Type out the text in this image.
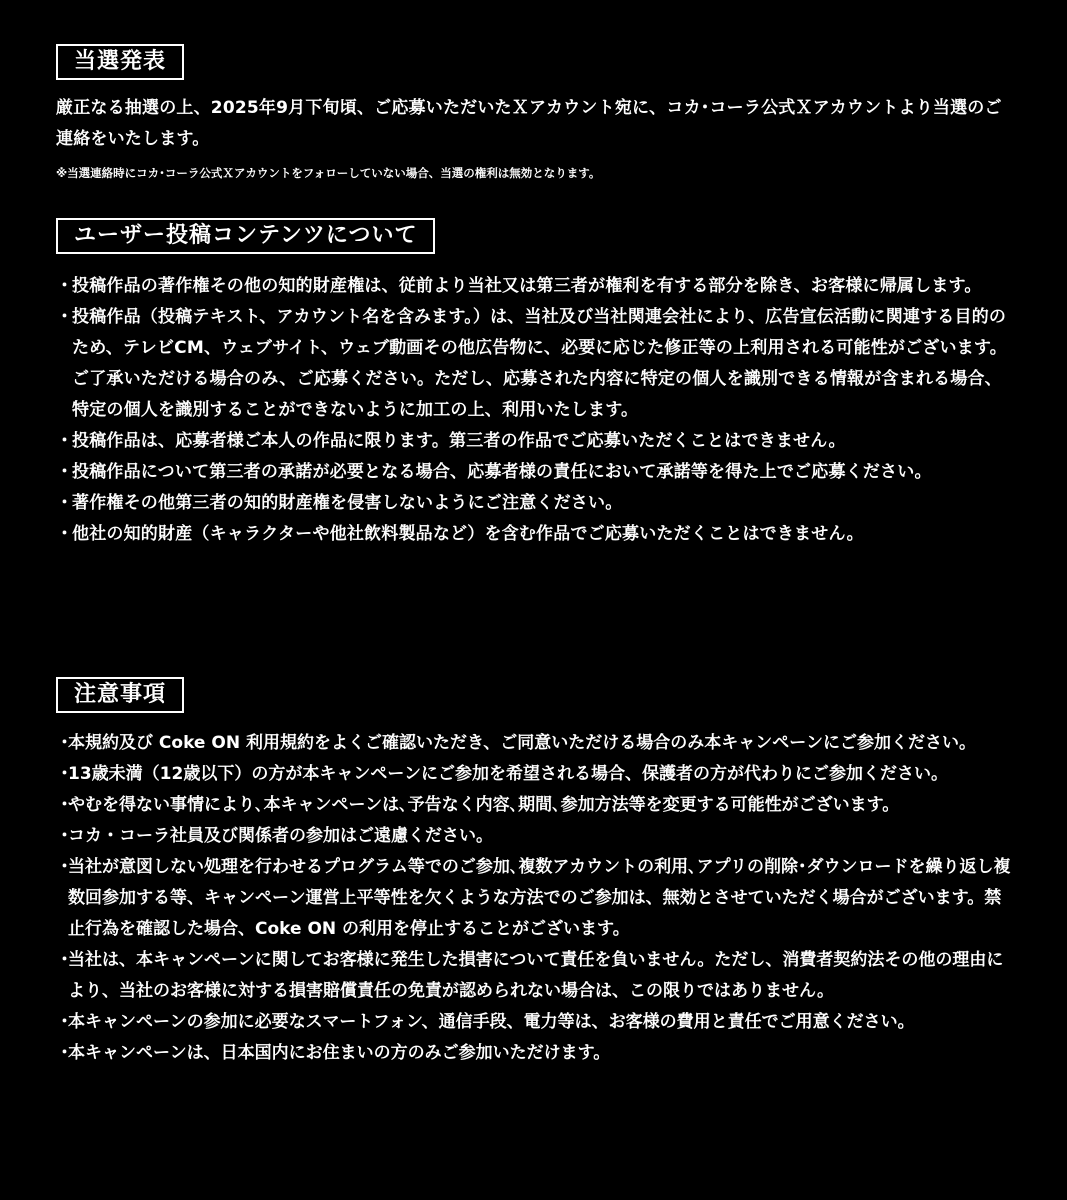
当選発表
厳正なる抽選の上、2025年9月下旬頃、ご応募いただいたＸアカウント宛に、コカ･コーラ公式Ｘアカウントより当選のご連絡をいたします。
※当選連絡時にコカ･コーラ公式Ｘアカウントをフォローしていない場合、当選の権利は無効となります。
ユーザー投稿コンテンツについて
・
投稿作品の著作権その他の知的財産権は、従前より当社又は第三者が権利を有する部分を除き、お客様に帰属します。
・
投稿作品（投稿テキスト、アカウント名を含みます。）は、当社及び当社関連会社により、広告宣伝活動に関連する目的のため、テレビCM、ウェブサイト、ウェブ動画その他広告物に、必要に応じた修正等の上利用される可能性がございます。ご了承いただける場合のみ、ご応募ください。ただし、応募された内容に特定の個人を識別できる情報が含まれる場合、特定の個人を識別することができないように加工の上、利用いたします。
・
投稿作品は、応募者様ご本人の作品に限ります。第三者の作品でご応募いただくことはできません。
・
投稿作品について第三者の承諾が必要となる場合、応募者様の責任において承諾等を得た上でご応募ください。
・
著作権その他第三者の知的財産権を侵害しないようにご注意ください。
・
他社の知的財産（キャラクターや他社飲料製品など）を含む作品でご応募いただくことはできません。
注意事項
・
本規約及び Coke ON 利用規約をよくご確認いただき、ご同意いただける場合のみ本キャンペーンにご参加ください。
・
13歳未満（12歳以下）の方が本キャンペーンにご参加を希望される場合、保護者の方が代わりにご参加ください。
・
やむを得ない事情により､本キャンペーンは､予告なく内容､期間､参加方法等を変更する可能性がございます。
・
コカ・コーラ社員及び関係者の参加はご遠慮ください。
・
当社が意図しない処理を行わせるプログラム等でのご参加､複数アカウントの利用､アプリの削除･ダウンロードを繰り返し複数回参加する等、キャンペーン運営上平等性を欠くような方法でのご参加は、無効とさせていただく場合がございます。禁止行為を確認した場合、Coke ON の利用を停止することがございます。
・
当社は、本キャンペーンに関してお客様に発生した損害について責任を負いません。ただし、消費者契約法その他の理由により、当社のお客様に対する損害賠償責任の免責が認められない場合は、この限りではありません。
・
本キャンペーンの参加に必要なスマートフォン、通信手段、電力等は、お客様の費用と責任でご用意ください。
・
本キャンペーンは、日本国内にお住まいの方のみご参加いただけます。
